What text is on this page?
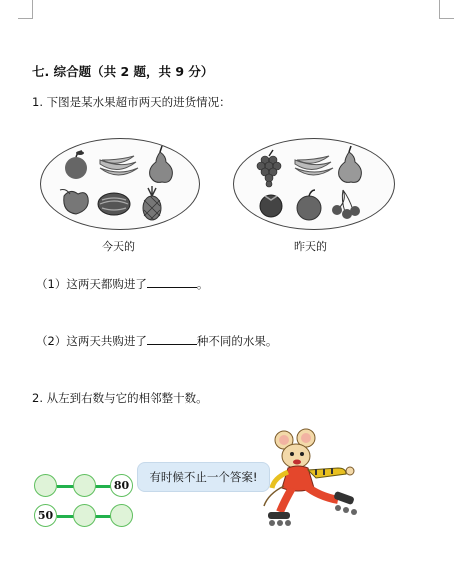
七. 综合题（共 2 题，共 9 分）
1. 下图是某水果超市两天的进货情况：
今天的	昨天的
（1）这两天都购进了	。
（2）这两天共购进了	种不同的水果。
2. 从左到右数与它的相邻整十数。
有时候不止一个答案!
80
50
